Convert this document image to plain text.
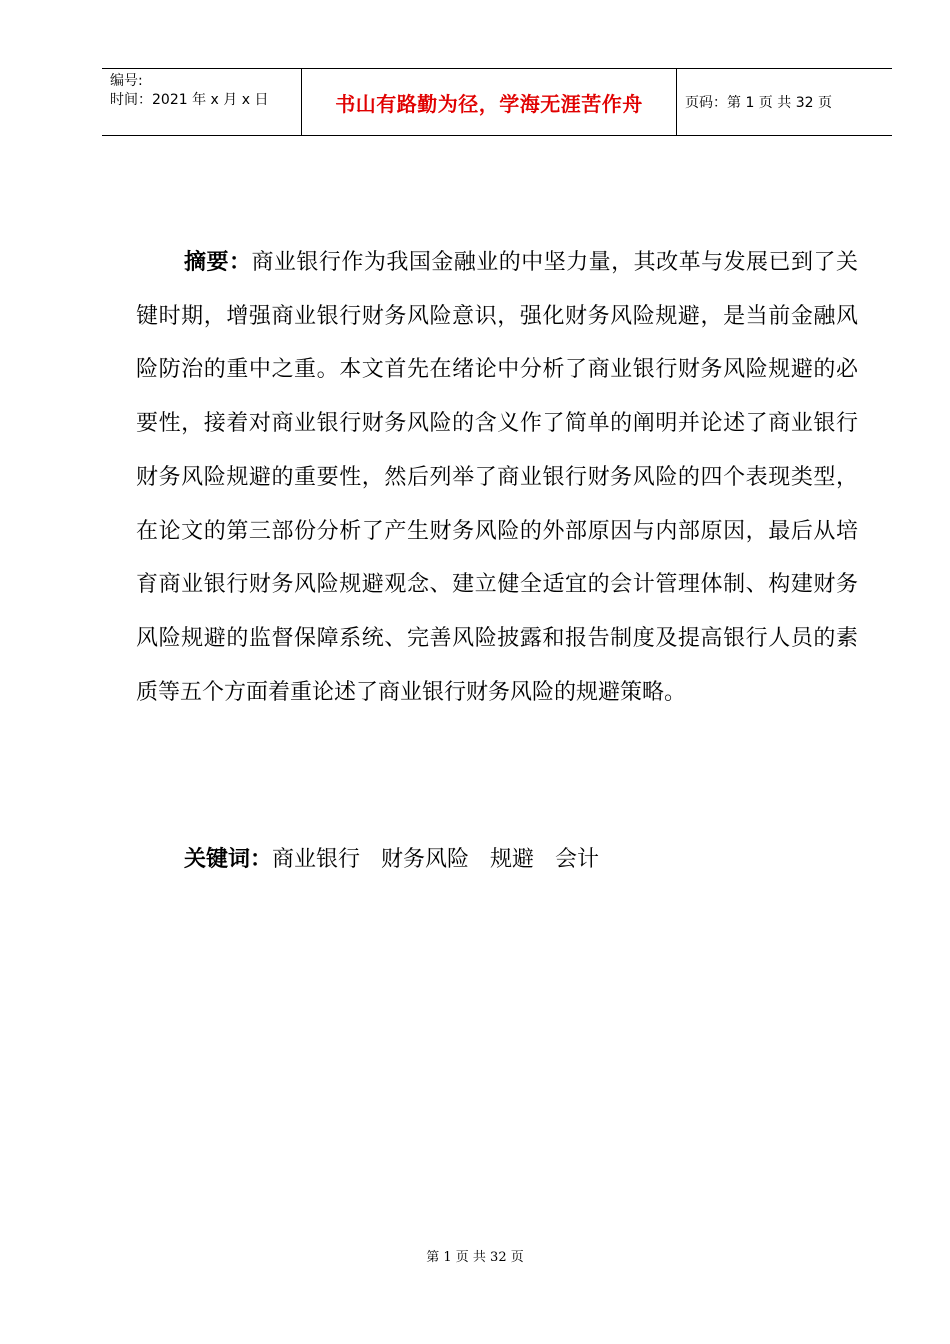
编号:
时间：2021 年 x 月 x 日	书山有路勤为径，学海无涯苦作舟	页码：第 1 页 共 32 页

摘要：商业银行作为我国金融业的中坚力量，其改革与发展已到了关键时期，增强商业银行财务风险意识，强化财务风险规避，是当前金融风险防治的重中之重。本文首先在绪论中分析了商业银行财务风险规避的必要性，接着对商业银行财务风险的含义作了简单的阐明并论述了商业银行财务风险规避的重要性，然后列举了商业银行财务风险的四个表现类型，在论文的第三部份分析了产生财务风险的外部原因与内部原因，最后从培育商业银行财务风险规避观念、建立健全适宜的会计管理体制、构建财务风险规避的监督保障系统、完善风险披露和报告制度及提高银行人员的素质等五个方面着重论述了商业银行财务风险的规避策略。

关键词：商业银行 财务风险 规避 会计
第 1 页 共 32 页
